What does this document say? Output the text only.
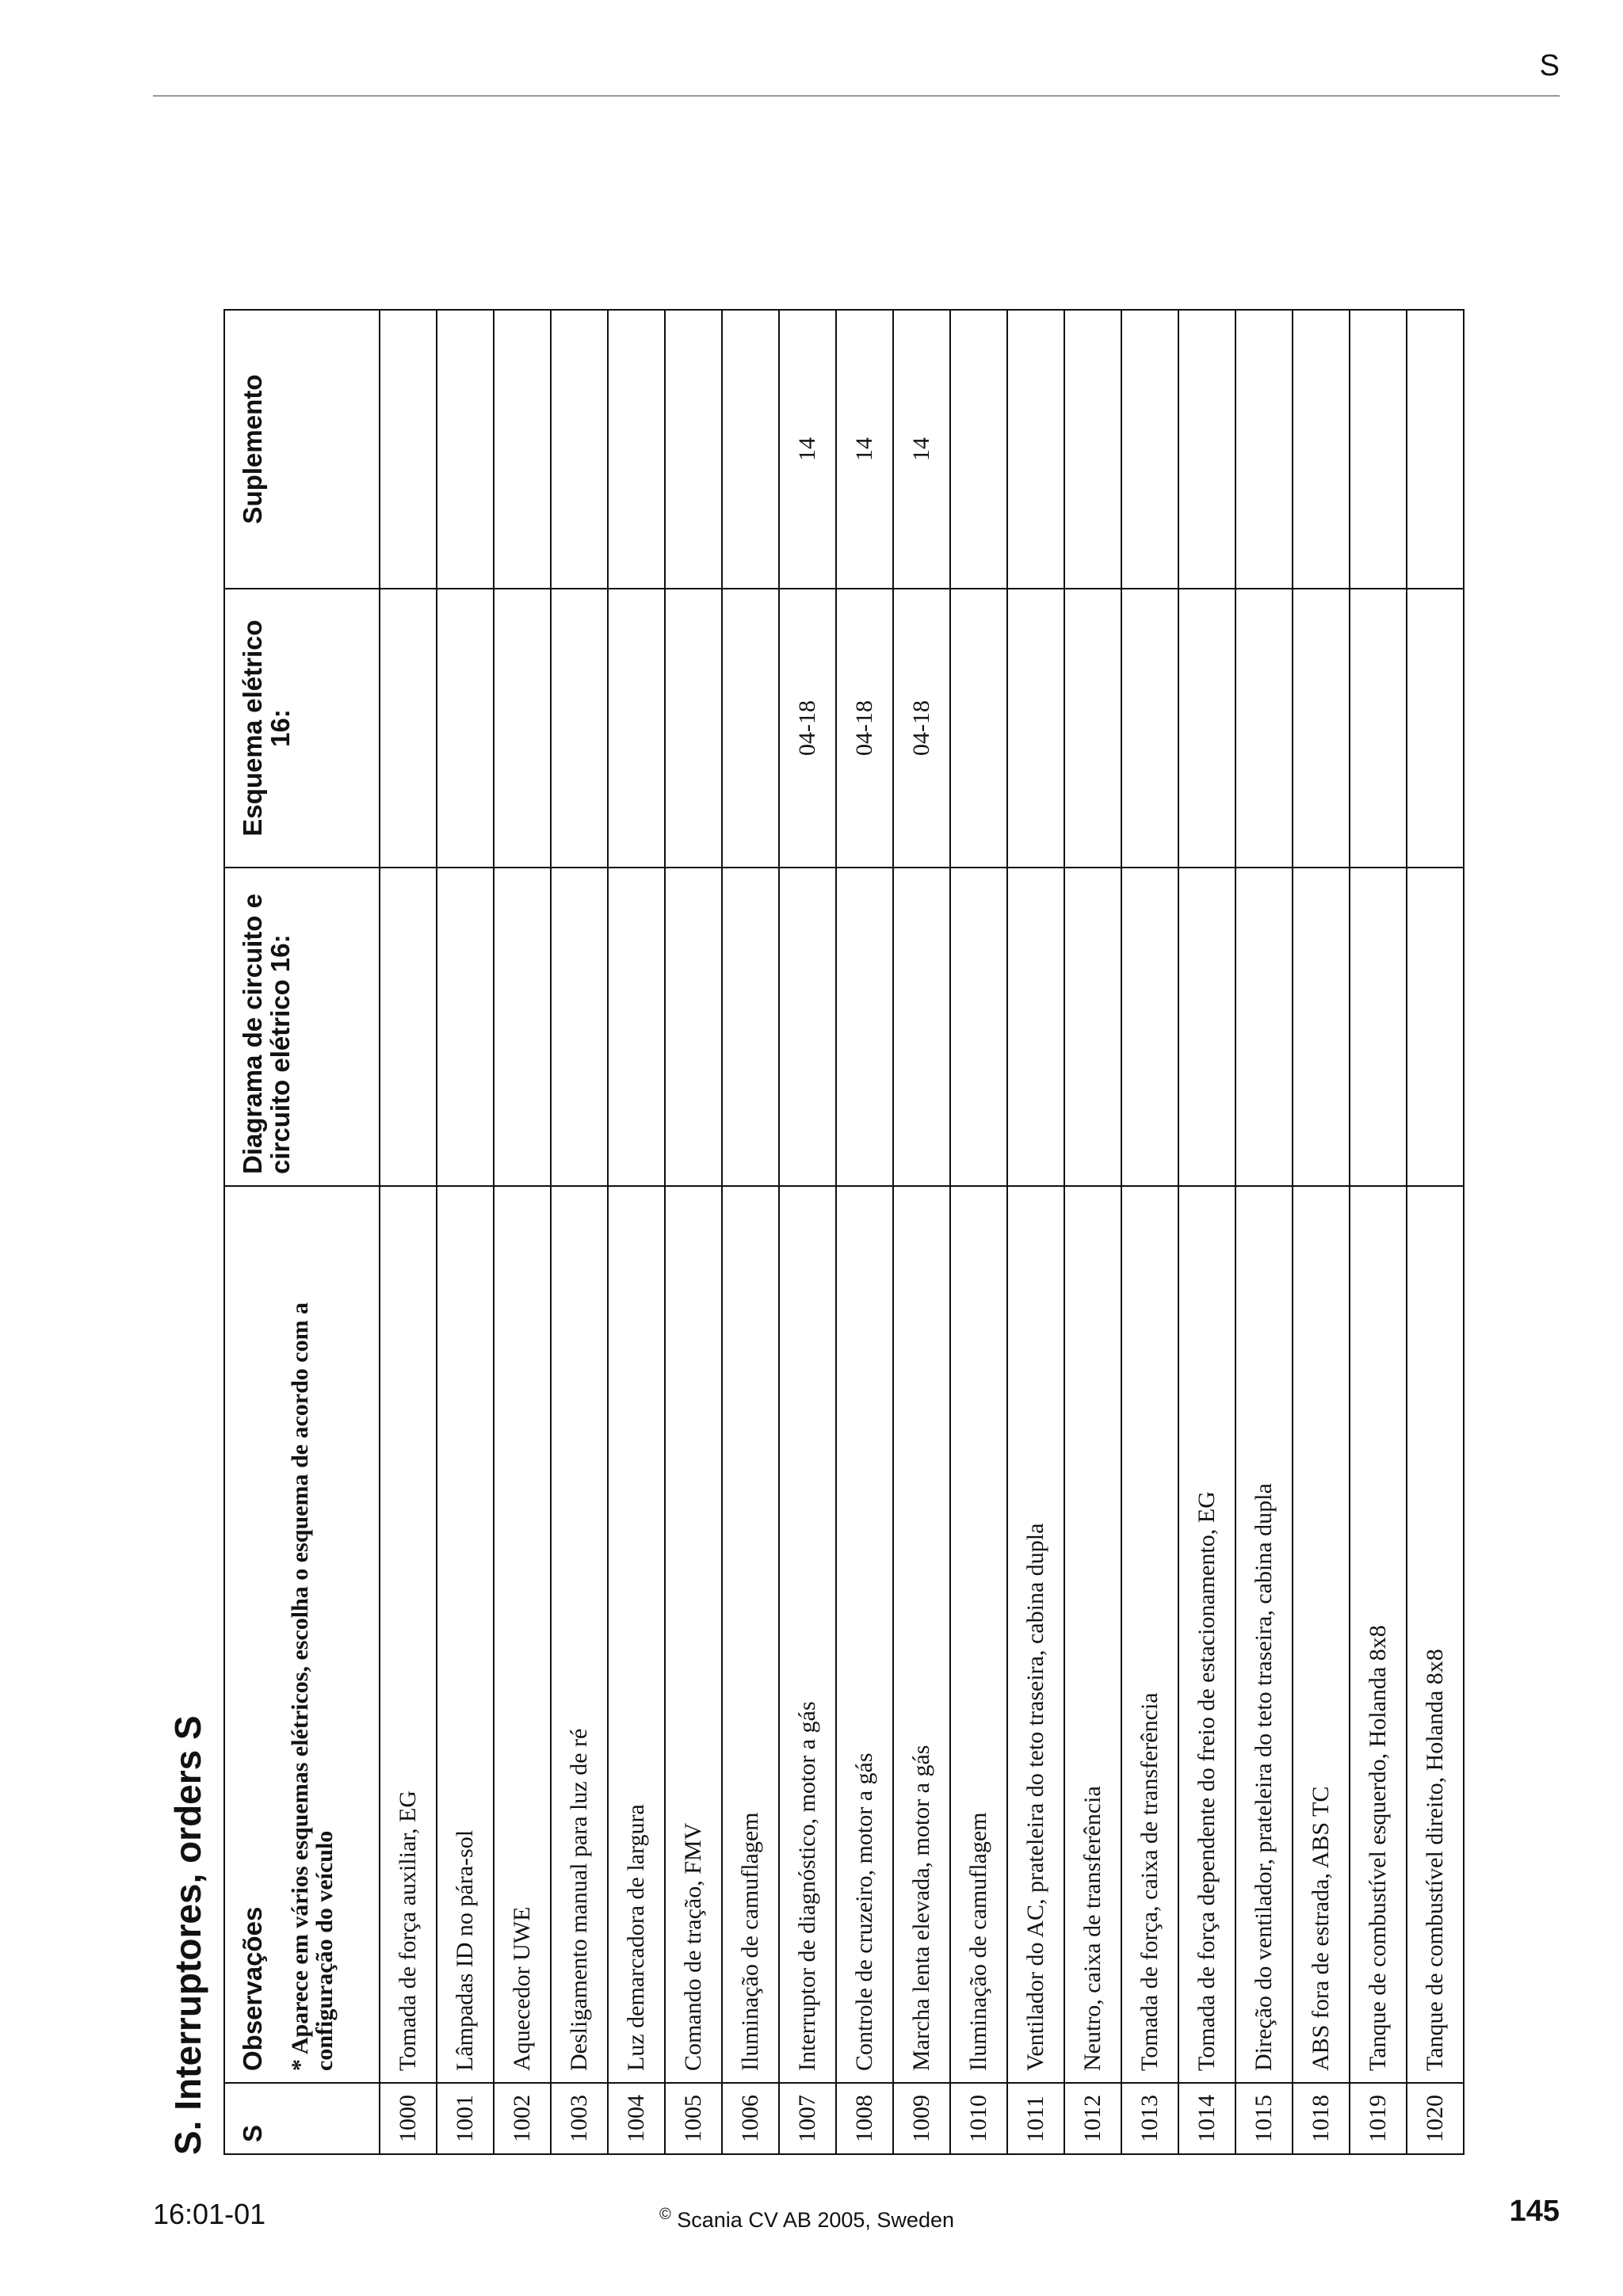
S
S. Interruptores, orders S S	Observações * Aparece em vários esquemas elétricos, escolha o esquema de acordo com a configuração do veículo	Diagrama de circuito e circuito elétrico 16:	Esquema elétrico 16:	Suplemento
1000	Tomada de força auxiliar, EG			
1001	Lâmpadas ID no pára-sol			
1002	Aquecedor UWE			
1003	Desligamento manual para luz de ré			
1004	Luz demarcadora de largura			
1005	Comando de tração, FMV			
1006	Iluminação de camuflagem			
1007	Interruptor de diagnóstico, motor a gás		04-18	14
1008	Controle de cruzeiro, motor a gás		04-18	14
1009	Marcha lenta elevada, motor a gás		04-18	14
1010	Iluminação de camuflagem			
1011	Ventilador do AC, prateleira do teto traseira, cabina dupla			
1012	Neutro, caixa de transferência			
1013	Tomada de força, caixa de transferência			
1014	Tomada de força dependente do freio de estacionamento, EG			
1015	Direção do ventilador, prateleira do teto traseira, cabina dupla			
1018	ABS fora de estrada, ABS TC			
1019	Tanque de combustível esquerdo, Holanda 8x8			
1020	Tanque de combustível direito, Holanda 8x8			
16:01-01	© Scania CV AB 2005, Sweden	145
